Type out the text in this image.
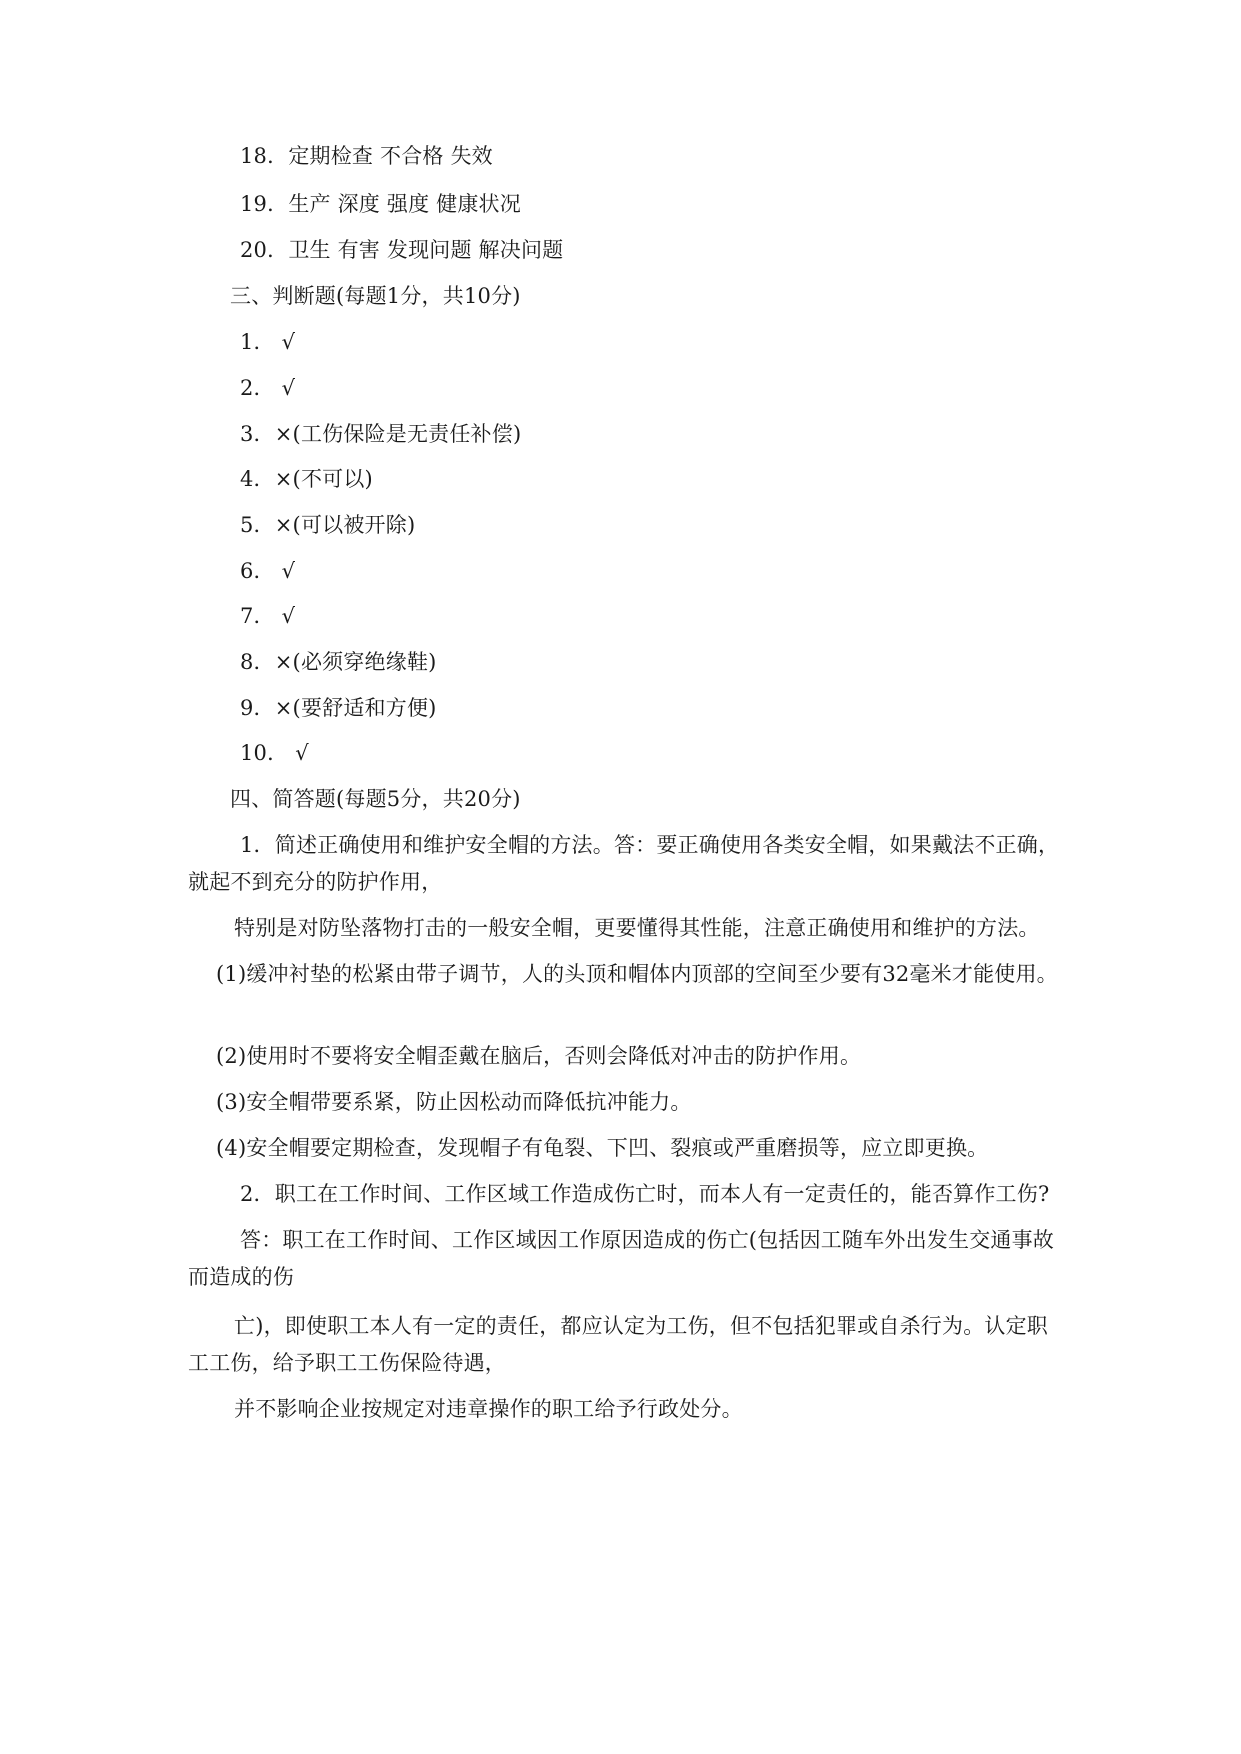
18．定期检查 不合格 失效
19．生产 深度 强度 健康状况
20．卫生 有害 发现问题 解决问题
三、判断题(每题1分，共10分)
1． √
2． √
3．×(工伤保险是无责任补偿)
4．×(不可以)
5．×(可以被开除)
6． √
7． √
8．×(必须穿绝缘鞋)
9．×(要舒适和方便)
10． √
四、简答题(每题5分，共20分)
1．简述正确使用和维护安全帽的方法。答：要正确使用各类安全帽，如果戴法不正确，就起不到充分的防护作用，
特别是对防坠落物打击的一般安全帽，更要懂得其性能，注意正确使用和维护的方法。
(1)缓冲衬垫的松紧由带子调节，人的头顶和帽体内顶部的空间至少要有32毫米才能使用。
(2)使用时不要将安全帽歪戴在脑后，否则会降低对冲击的防护作用。
(3)安全帽带要系紧，防止因松动而降低抗冲能力。
(4)安全帽要定期检查，发现帽子有龟裂、下凹、裂痕或严重磨损等，应立即更换。
2．职工在工作时间、工作区域工作造成伤亡时，而本人有一定责任的，能否算作工伤?
答：职工在工作时间、工作区域因工作原因造成的伤亡(包括因工随车外出发生交通事故而造成的伤
亡)，即使职工本人有一定的责任，都应认定为工伤，但不包括犯罪或自杀行为。认定职工工伤，给予职工工伤保险待遇，
并不影响企业按规定对违章操作的职工给予行政处分。
